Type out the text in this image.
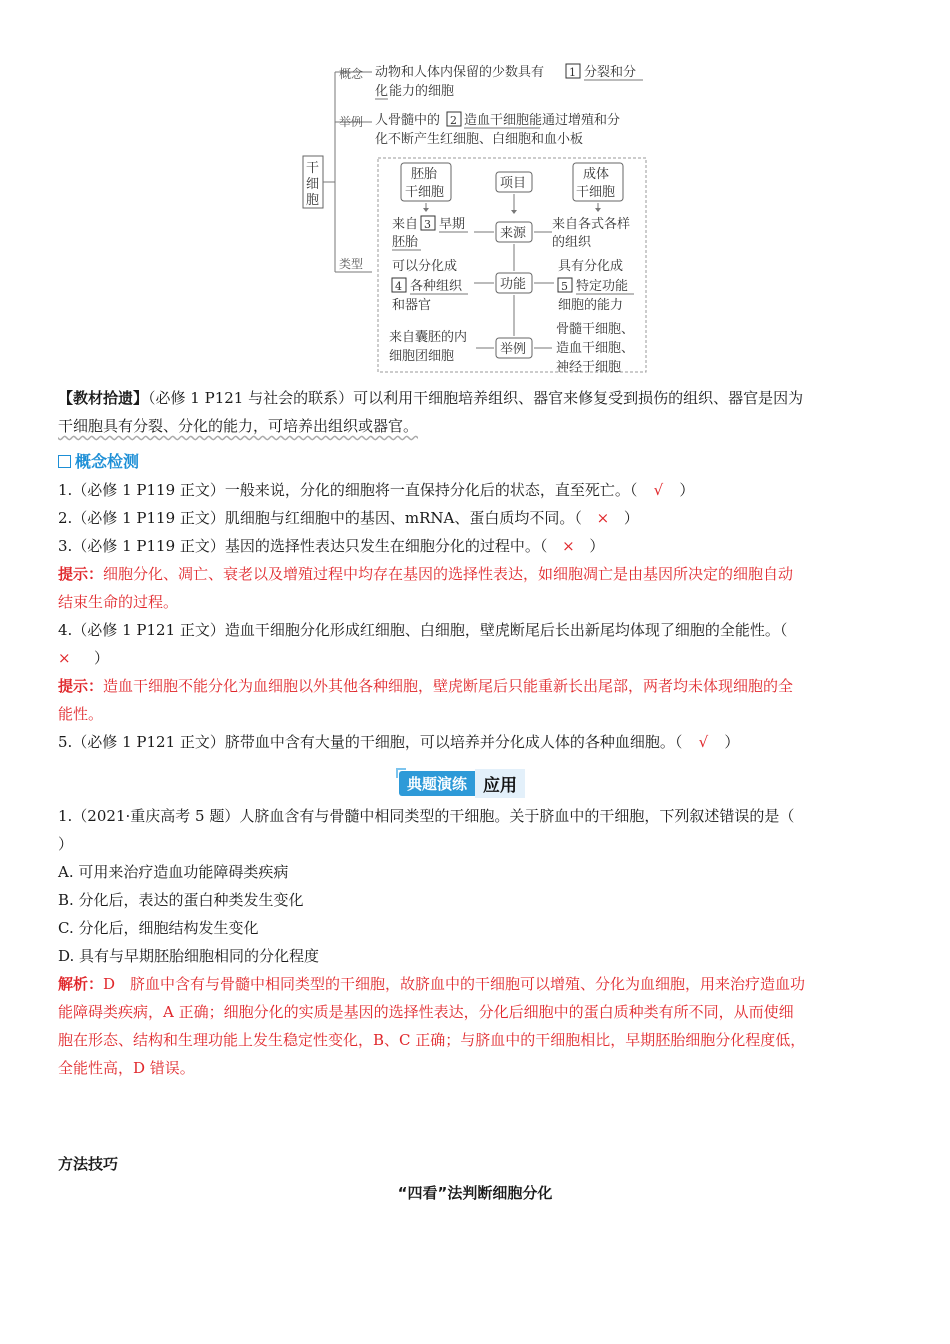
干
细
胞
概念 动物和人体内保留的少数具有 1 分裂和分
化 能力的细胞
举例 人骨髓中的 2 造血干细胞能通过增殖和分
化不断产生红细胞、白细胞和血小板
类型
胚胎
干细胞
项目
成体
干细胞
来自 3 早期
胚胎
来源
来自各式各样
的组织
可以分化成
4 各种组织
和器官
功能
具有分化成
5 特定功能
细胞的能力
来自囊胚的内
细胞团细胞	举例
骨髓干细胞、
造血干细胞、
神经干细胞
【教材拾遗】（必修 1 P121 与社会的联系）可以利用干细胞培养组织、器官来修复受到损伤的组织、器官是因为
干细胞具有分裂、分化的能力，可培养出组织或器官。
概念检测
1.（必修 1 P119 正文）一般来说，分化的细胞将一直保持分化后的状态，直至死亡。（ √ ）
2.（必修 1 P119 正文）肌细胞与红细胞中的基因、mRNA、蛋白质均不同。（ × ）
3.（必修 1 P119 正文）基因的选择性表达只发生在细胞分化的过程中。（ × ）
提示：细胞分化、凋亡、衰老以及增殖过程中均存在基因的选择性表达，如细胞凋亡是由基因所决定的细胞自动
结束生命的过程。
4.（必修 1 P121 正文）造血干细胞分化形成红细胞、白细胞，壁虎断尾后长出新尾均体现了细胞的全能性。（
× ）
提示：造血干细胞不能分化为血细胞以外其他各种细胞，壁虎断尾后只能重新长出尾部，两者均未体现细胞的全
能性。
5.（必修 1 P121 正文）脐带血中含有大量的干细胞，可以培养并分化成人体的各种血细胞。（ √ ）
典题演练 应用
1.（2021·重庆高考 5 题）人脐血含有与骨髓中相同类型的干细胞。关于脐血中的干细胞，下列叙述错误的是（
）
A. 可用来治疗造血功能障碍类疾病
B. 分化后，表达的蛋白种类发生变化
C. 分化后，细胞结构发生变化
D. 具有与早期胚胎细胞相同的分化程度
解析：D　脐血中含有与骨髓中相同类型的干细胞，故脐血中的干细胞可以增殖、分化为血细胞，用来治疗造血功
能障碍类疾病，A 正确；细胞分化的实质是基因的选择性表达，分化后细胞中的蛋白质种类有所不同，从而使细
胞在形态、结构和生理功能上发生稳定性变化，B、C 正确；与脐血中的干细胞相比，早期胚胎细胞分化程度低，
全能性高，D 错误。
方法技巧
“四看”法判断细胞分化
